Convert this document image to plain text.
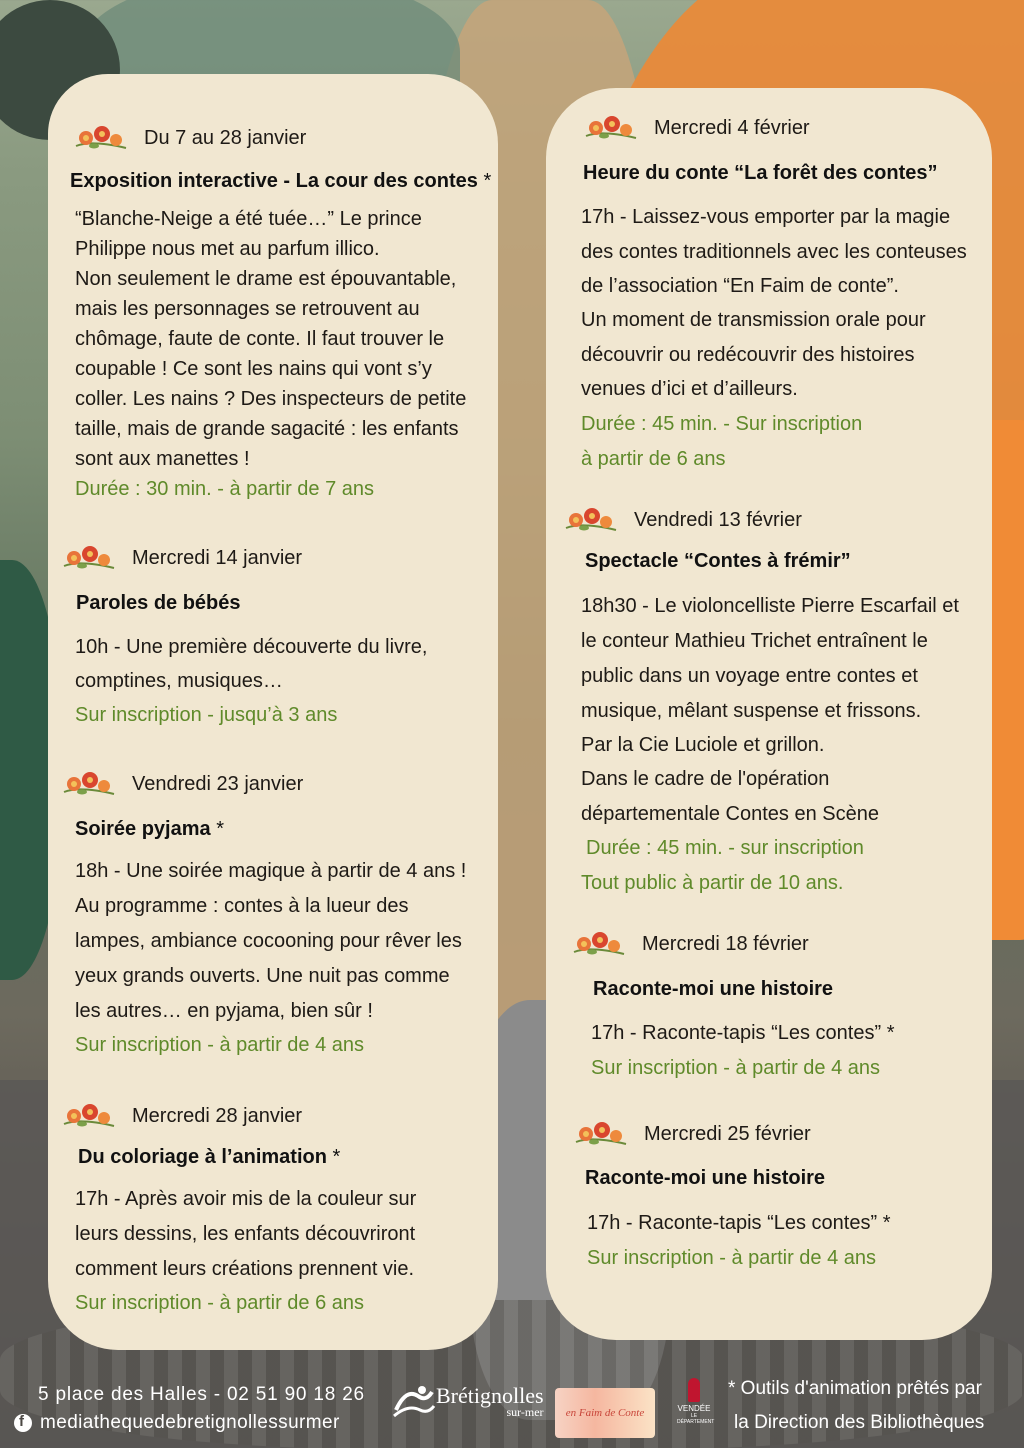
Du 7 au 28 janvier
Exposition interactive - La cour des contes *
“Blanche-Neige a été tuée…” Le prince
Philippe nous met au parfum illico.
Non seulement le drame est épouvantable,
mais les personnages se retrouvent au
chômage, faute de conte. Il faut trouver le
coupable ! Ce sont les nains qui vont s’y
coller. Les nains ? Des inspecteurs de petite
taille, mais de grande sagacité : les enfants
sont aux manettes !
Durée : 30 min. - à partir de 7 ans
Mercredi 14 janvier
Paroles de bébés
10h - Une première découverte du livre,
comptines, musiques…
Sur inscription - jusqu’à 3 ans
Vendredi 23 janvier
Soirée pyjama *
18h - Une soirée magique à partir de 4 ans !
Au programme : contes à la lueur des
lampes, ambiance cocooning pour rêver les
yeux grands ouverts. Une nuit pas comme
les autres… en pyjama, bien sûr !
Sur inscription - à partir de 4 ans
Mercredi 28 janvier
Du coloriage à l’animation *
17h - Après avoir mis de la couleur sur
leurs dessins, les enfants découvriront
comment leurs créations prennent vie.
Sur inscription - à partir de 6 ans
Mercredi 4 février
Heure du conte “La forêt des contes”
17h - Laissez-vous emporter par la magie
des contes traditionnels avec les conteuses
de l’association “En Faim de conte”.
Un moment de transmission orale pour
découvrir ou redécouvrir des histoires
venues d’ici et d’ailleurs.
Durée : 45 min. - Sur inscription
à partir de 6 ans
Vendredi 13 février
Spectacle “Contes à frémir”
18h30 - Le violoncelliste Pierre Escarfail et
le conteur Mathieu Trichet entraînent le
public dans un voyage entre contes et
musique, mêlant suspense et frissons.
Par la Cie Luciole et grillon.
Dans le cadre de l'opération
départementale Contes en Scène
Durée : 45 min. - sur inscription
Tout public à partir de 10 ans.
Mercredi 18 février
Raconte-moi une histoire
17h - Raconte-tapis “Les contes” *
Sur inscription - à partir de 4 ans
Mercredi 25 février
Raconte-moi une histoire
17h - Raconte-tapis “Les contes” *
Sur inscription - à partir de 4 ans
5 place des Halles - 02 51 90 18 26
f
mediathequedebretignollessurmer
Brétignolles
sur-mer en Faim de Conte	VENDÉE
LE DÉPARTEMENT
* Outils d'animation prêtés par
la Direction des Bibliothèques
